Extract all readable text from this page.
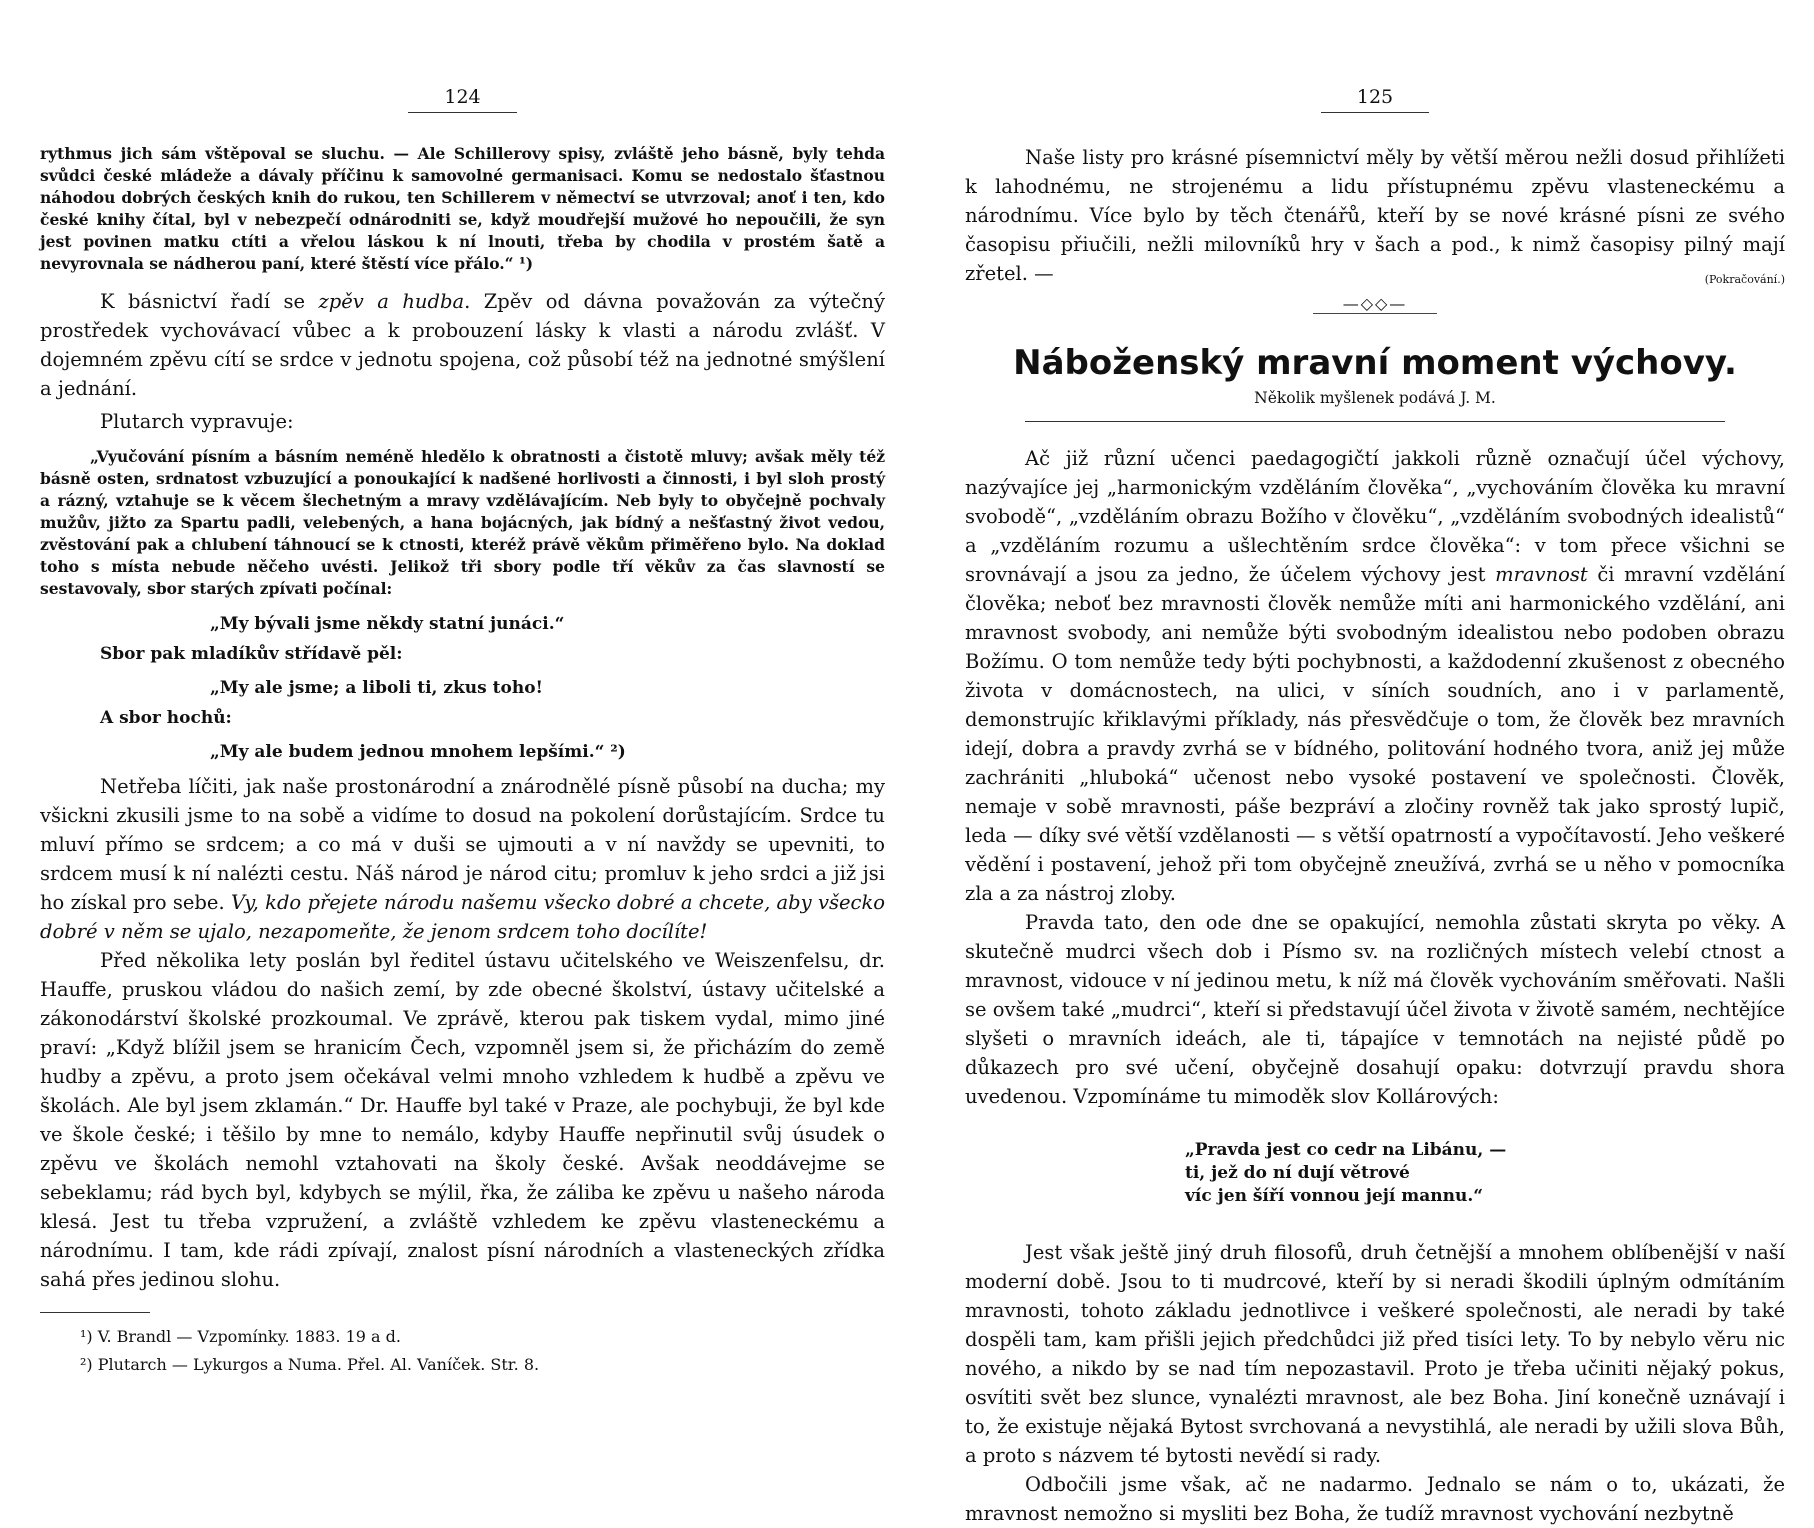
124

rythmus jich sám vštěpoval se sluchu. — Ale Schillerovy spisy, zvláště jeho básně, byly tehda svůdci české mládeže a dávaly příčinu k samovolné germanisaci. Komu se nedostalo šťastnou náhodou dobrých českých knih do rukou, ten Schillerem v němectví se utvrzoval; anoť i ten, kdo české knihy čítal, byl v nebezpečí odnárodniti se, když moudřejší mužové ho nepoučili, že syn jest povinen matku ctíti a vřelou láskou k ní lnouti, třeba by chodila v prostém šatě a nevyrovnala se nádherou paní, které štěstí více přálo.“ ¹)

K básnictví řadí se zpěv a hudba. Zpěv od dávna považován za výtečný prostředek vychovávací vůbec a k probouzení lásky k vlasti a národu zvlášť. V dojemném zpěvu cítí se srdce v jednotu spojena, což působí též na jednotné smýšlení a jednání.

Plutarch vypravuje:

„Vyučování písním a básním neméně hledělo k obratnosti a čistotě mluvy; avšak měly též básně osten, srdnatost vzbuzující a ponoukající k nadšené horlivosti a činnosti, i byl sloh prostý a rázný, vztahuje se k věcem šlechetným a mravy vzdělávajícím. Neb byly to obyčejně pochvaly mužův, jižto za Spartu padli, velebených, a hana bojácných, jak bídný a nešťastný život vedou, zvěstování pak a chlubení táhnoucí se k ctnosti, kteréž právě věkům přiměřeno bylo. Na doklad toho s místa nebude něčeho uvésti. Jelikož tři sbory podle tří věkův za čas slavností se sestavovaly, sbor starých zpívati počínal:

„My bývali jsme někdy statní junáci.“
Sbor pak mladíkův střídavě pěl:
„My ale jsme; a liboli ti, zkus toho!
A sbor hochů:
„My ale budem jednou mnohem lepšími.“ ²)

Netřeba líčiti, jak naše prostonárodní a znárodnělé písně působí na ducha; my všickni zkusili jsme to na sobě a vidíme to dosud na pokolení dorůstajícím. Srdce tu mluví přímo se srdcem; a co má v duši se ujmouti a v ní navždy se upevniti, to srdcem musí k ní nalézti cestu. Náš národ je národ citu; promluv k jeho srdci a již jsi ho získal pro sebe. Vy, kdo přejete národu našemu všecko dobré a chcete, aby všecko dobré v něm se ujalo, nezapomeňte, že jenom srdcem toho docílíte!

Před několika lety poslán byl ředitel ústavu učitelského ve Weiszenfelsu, dr. Hauffe, pruskou vládou do našich zemí, by zde obecné školství, ústavy učitelské a zákonodárství školské prozkoumal. Ve zprávě, kterou pak tiskem vydal, mimo jiné praví: „Když blížil jsem se hranicím Čech, vzpomněl jsem si, že přicházím do země hudby a zpěvu, a proto jsem očekával velmi mnoho vzhledem k hudbě a zpěvu ve školách. Ale byl jsem zklamán.“ Dr. Hauffe byl také v Praze, ale pochybuji, že byl kde ve škole české; i těšilo by mne to nemálo, kdyby Hauffe nepřinutil svůj úsudek o zpěvu ve školách nemohl vztahovati na školy české. Avšak neoddávejme se sebeklamu; rád bych byl, kdybych se mýlil, řka, že záliba ke zpěvu u našeho národa klesá. Jest tu třeba vzpružení, a zvláště vzhledem ke zpěvu vlasteneckému a národnímu. I tam, kde rádi zpívají, znalost písní národních a vlasteneckých zřídka sahá přes jedinou slohu.

¹) V. Brandl — Vzpomínky. 1883. 19 a d.

²) Plutarch — Lykurgos a Numa. Přel. Al. Vaníček. Str. 8.

125

Naše listy pro krásné písemnictví měly by větší měrou nežli dosud přihlížeti k lahodnému, ne strojenému a lidu přístupnému zpěvu vlasteneckému a národnímu. Více bylo by těch čtenářů, kteří by se nové krásné písni ze svého časopisu přiučili, nežli milovníků hry v šach a pod., k nimž časopisy pilný mají zřetel. —	(Pokračování.)

—◇◇—
Náboženský mravní moment výchovy.
Několik myšlenek podává J. M.

Ač již různí učenci paedagogičtí jakkoli různě označují účel výchovy, nazývajíce jej „harmonickým vzděláním člověka“, „vychováním člověka ku mravní svobodě“, „vzděláním obrazu Božího v člověku“, „vzděláním svobodných idealistů“ a „vzděláním rozumu a ušlechtěním srdce člověka“: v tom přece všichni se srovnávají a jsou za jedno, že účelem výchovy jest mravnost či mravní vzdělání člověka; neboť bez mravnosti člověk nemůže míti ani harmonického vzdělání, ani mravnost svobody, ani nemůže býti svobodným idealistou nebo podoben obrazu Božímu. O tom nemůže tedy býti pochybnosti, a každodenní zkušenost z obecného života v domácnostech, na ulici, v síních soudních, ano i v parlamentě, demonstrujíc křiklavými příklady, nás přesvědčuje o tom, že člověk bez mravních idejí, dobra a pravdy zvrhá se v bídného, politování hodného tvora, aniž jej může zachrániti „hluboká“ učenost nebo vysoké postavení ve společnosti. Člověk, nemaje v sobě mravnosti, páše bezpráví a zločiny rovněž tak jako sprostý lupič, leda — díky své větší vzdělanosti — s větší opatrností a vypočítavostí. Jeho veškeré vědění i postavení, jehož při tom obyčejně zneužívá, zvrhá se u něho v pomocníka zla a za nástroj zloby.

Pravda tato, den ode dne se opakující, nemohla zůstati skryta po věky. A skutečně mudrci všech dob i Písmo sv. na rozličných místech velebí ctnost a mravnost, vidouce v ní jedinou metu, k níž má člověk vychováním směřovati. Našli se ovšem také „mudrci“, kteří si představují účel života v životě samém, nechtějíce slyšeti o mravních ideách, ale ti, tápajíce v temnotách na nejisté půdě po důkazech pro své učení, obyčejně dosahují opaku: dotvrzují pravdu shora uvedenou. Vzpomínáme tu mimoděk slov Kollárových:

„Pravda jest co cedr na Libánu, —
ti, jež do ní dují větrové
víc jen šíří vonnou její mannu.“

Jest však ještě jiný druh filosofů, druh četnější a mnohem oblíbenější v naší moderní době. Jsou to ti mudrcové, kteří by si neradi škodili úplným odmítáním mravnosti, tohoto základu jednotlivce i veškeré společnosti, ale neradi by také dospěli tam, kam přišli jejich předchůdci již před tisíci lety. To by nebylo věru nic nového, a nikdo by se nad tím nepozastavil. Proto je třeba učiniti nějaký pokus, osvítiti svět bez slunce, vynalézti mravnost, ale bez Boha. Jiní konečně uznávají i to, že existuje nějaká Bytost svrchovaná a nevystihlá, ale neradi by užili slova Bůh, a proto s názvem té bytosti nevědí si rady.

Odbočili jsme však, ač ne nadarmo. Jednalo se nám o to, ukázati, že mravnost nemožno si mysliti bez Boha, že tudíž mravnost vychování nezbytně
